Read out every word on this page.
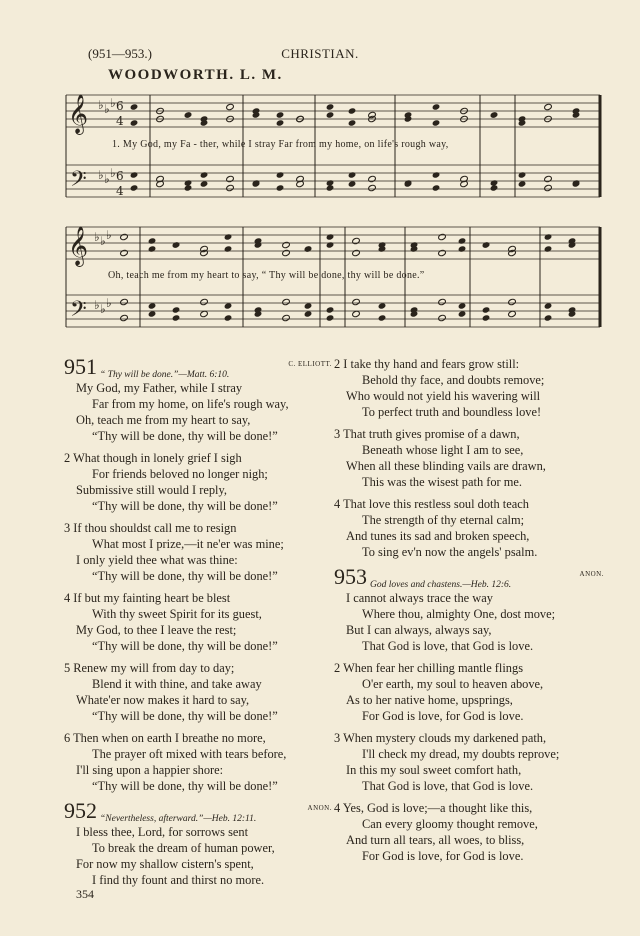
(951—953.)	CHRISTIAN.
WOODWORTH. L. M.
𝄞
𝄞
𝄢
𝄢
♭ ♭ ♭
♭ ♭ ♭
♭ ♭ ♭
♭ ♭ ♭
6
4
6
4
1. My God, my Fa - ther, while I stray Far from my home, on life's rough way,
Oh, teach me from my heart to say, “ Thy will be done, thy will be done.”
951 “ Thy will be done.”—Matt. 6:10.
C. ELLIOTT.
My God, my Father, while I stray
Far from my home, on life's rough way,
Oh, teach me from my heart to say,
“Thy will be done, thy will be done!”
2 What though in lonely grief I sigh
For friends beloved no longer nigh;
Submissive still would I reply,
“Thy will be done, thy will be done!”
3 If thou shouldst call me to resign
What most I prize,—it ne'er was mine;
I only yield thee what was thine:
“Thy will be done, thy will be done!”
4 If but my fainting heart be blest
With thy sweet Spirit for its guest,
My God, to thee I leave the rest;
“Thy will be done, thy will be done!”
5 Renew my will from day to day;
Blend it with thine, and take away
Whate'er now makes it hard to say,
“Thy will be done, thy will be done!”
6 Then when on earth I breathe no more,
The prayer oft mixed with tears before,
I'll sing upon a happier shore:
“Thy will be done, thy will be done!”
952 “Nevertheless, afterward.”—Heb. 12:11.
ANON.
I bless thee, Lord, for sorrows sent
To break the dream of human power,
For now my shallow cistern's spent,
I find thy fount and thirst no more.
2 I take thy hand and fears grow still:
Behold thy face, and doubts remove;
Who would not yield his wavering will
To perfect truth and boundless love!
3 That truth gives promise of a dawn,
Beneath whose light I am to see,
When all these blinding vails are drawn,
This was the wisest path for me.
4 That love this restless soul doth teach
The strength of thy eternal calm;
And tunes its sad and broken speech,
To sing ev'n now the angels' psalm.
953 God loves and chastens.—Heb. 12:6.
ANON.
I cannot always trace the way
Where thou, almighty One, dost move;
But I can always, always say,
That God is love, that God is love.
2 When fear her chilling mantle flings
O'er earth, my soul to heaven above,
As to her native home, upsprings,
For God is love, for God is love.
3 When mystery clouds my darkened path,
I'll check my dread, my doubts reprove;
In this my soul sweet comfort hath,
That God is love, that God is love.
4 Yes, God is love;—a thought like this,
Can every gloomy thought remove,
And turn all tears, all woes, to bliss,
For God is love, for God is love.
354
